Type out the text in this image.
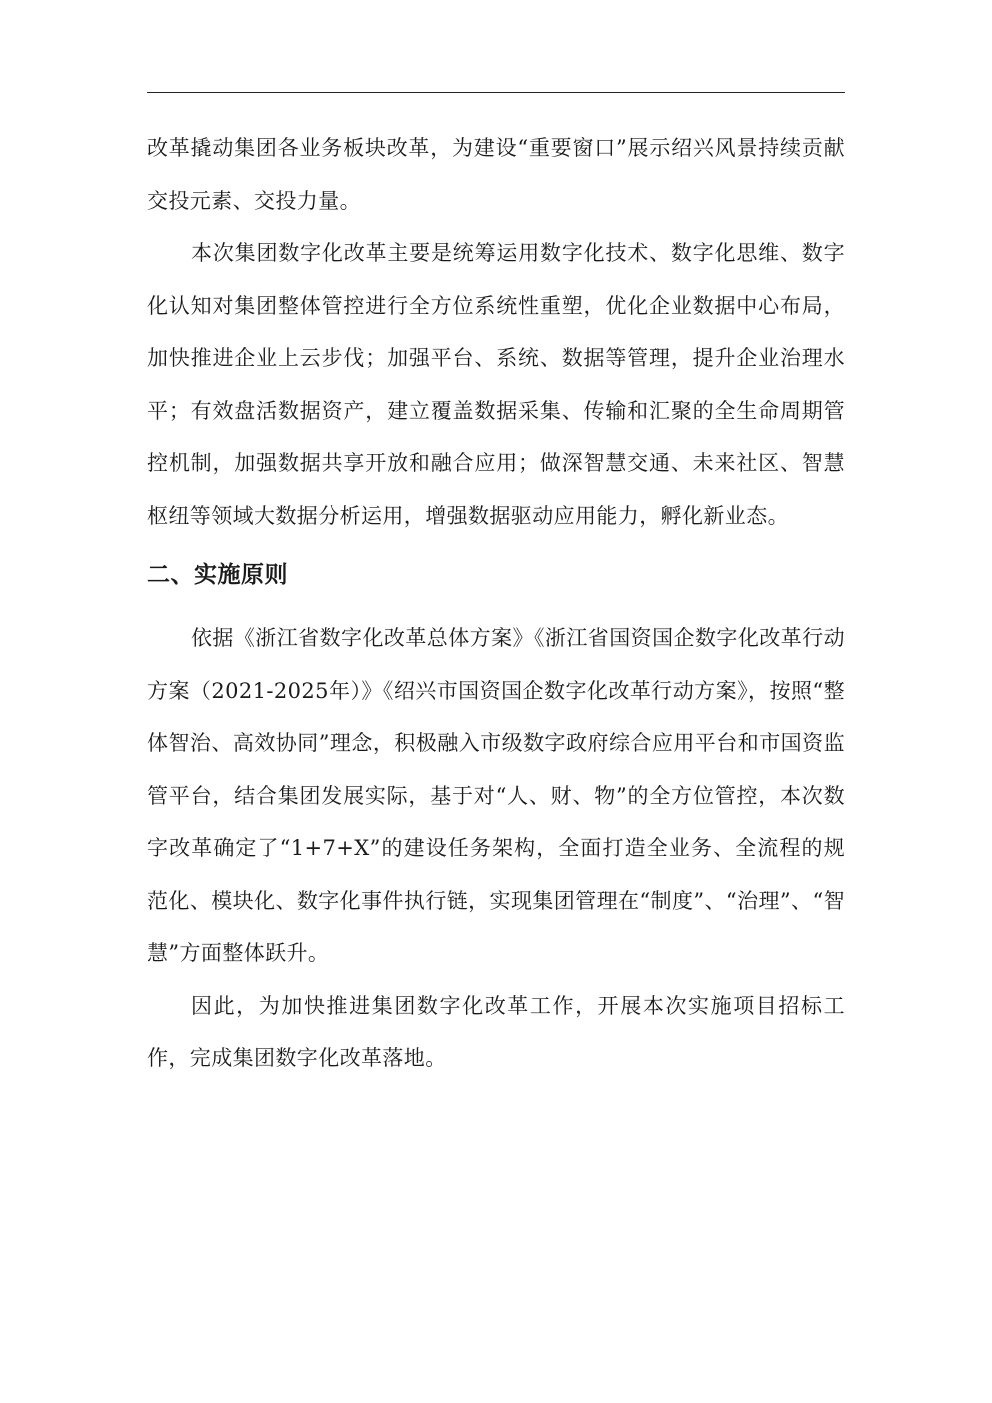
改革撬动集团各业务板块改革，为建设“重要窗口”展示绍兴风景持续贡献交投元素、交投力量。

本次集团数字化改革主要是统筹运用数字化技术、数字化思维、数字化认知对集团整体管控进行全方位系统性重塑，优化企业数据中心布局，加快推进企业上云步伐；加强平台、系统、数据等管理，提升企业治理水平；有效盘活数据资产，建立覆盖数据采集、传输和汇聚的全生命周期管控机制，加强数据共享开放和融合应用；做深智慧交通、未来社区、智慧枢纽等领域大数据分析运用，增强数据驱动应用能力，孵化新业态。

二、实施原则

依据《浙江省数字化改革总体方案》《浙江省国资国企数字化改革行动方案（2021-2025年）》《绍兴市国资国企数字化改革行动方案》，按照“整体智治、高效协同”理念，积极融入市级数字政府综合应用平台和市国资监管平台，结合集团发展实际，基于对“人、财、物”的全方位管控，本次数字改革确定了“1+7+X”的建设任务架构，全面打造全业务、全流程的规范化、模块化、数字化事件执行链，实现集团管理在“制度”、“治理”、“智慧”方面整体跃升。

因此，为加快推进集团数字化改革工作，开展本次实施项目招标工作，完成集团数字化改革落地。
